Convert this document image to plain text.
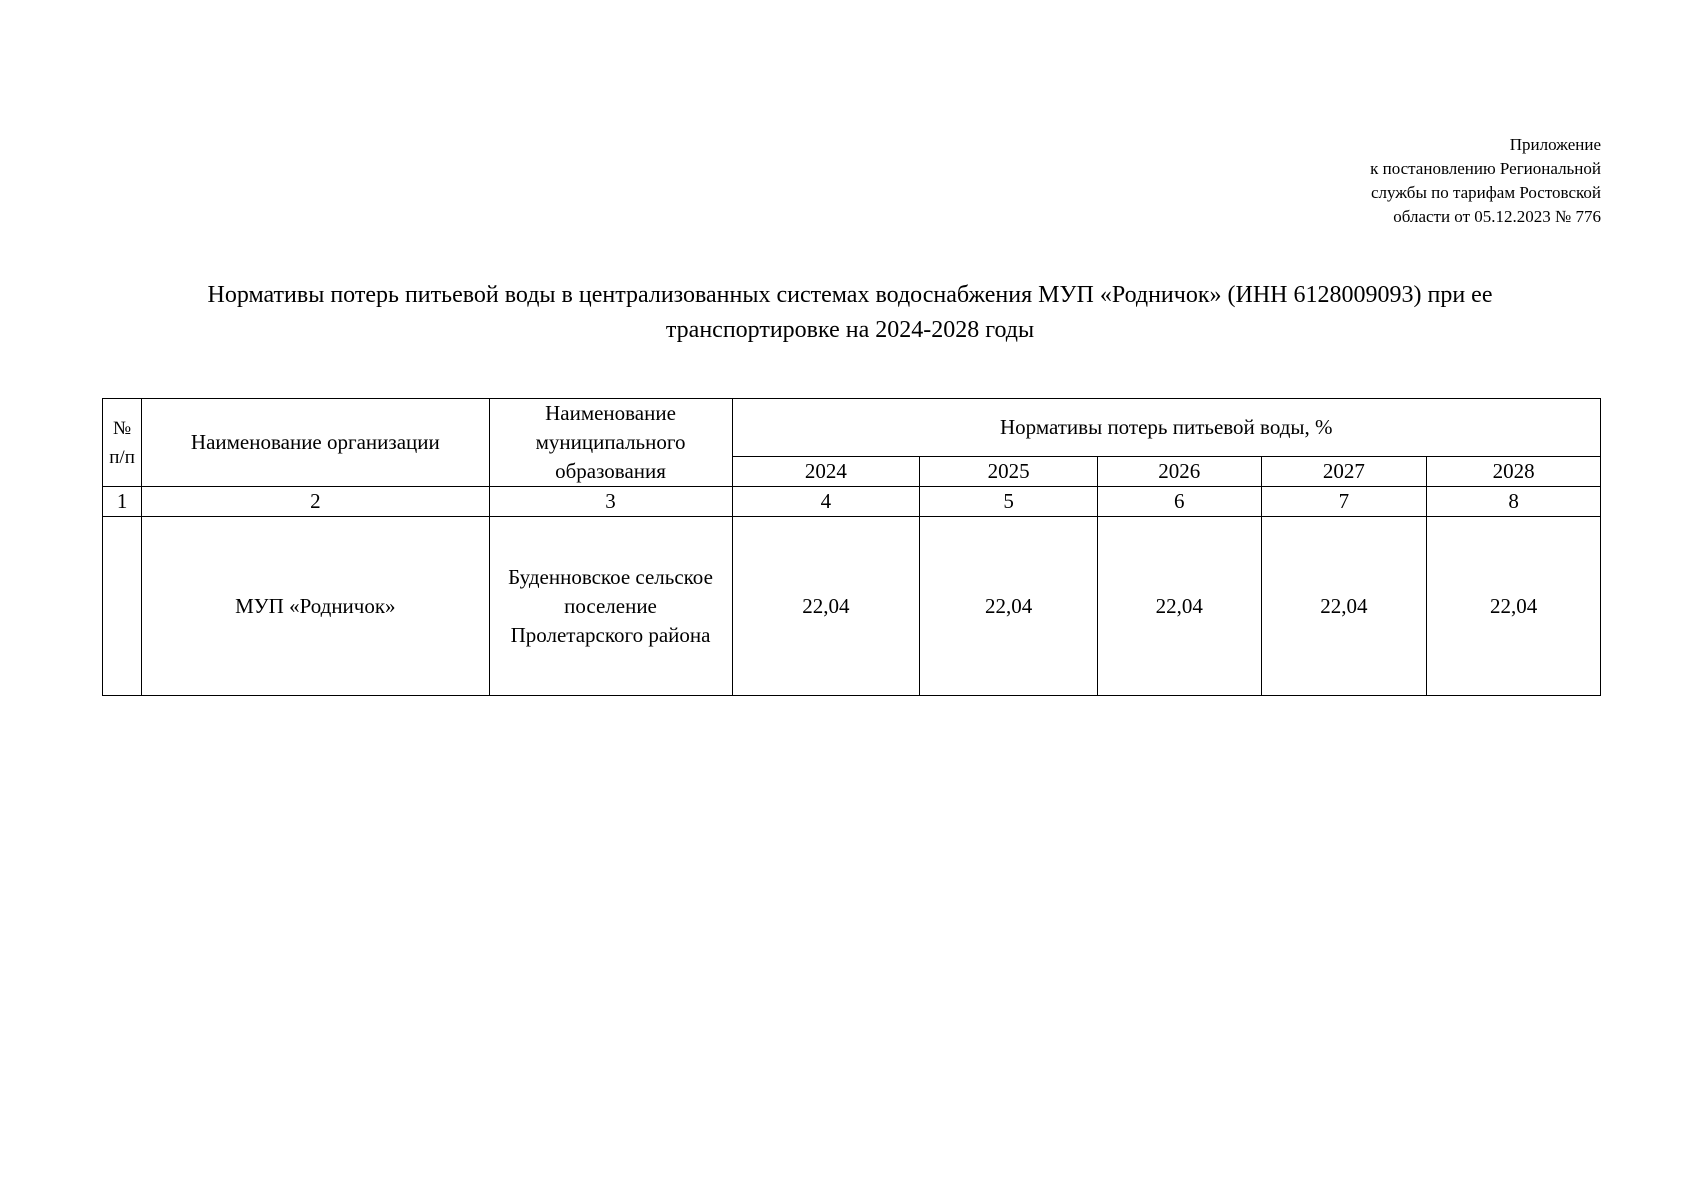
Приложение
к постановлению Региональной
службы по тарифам Ростовской
области от 05.12.2023 № 776
Нормативы потерь питьевой воды в централизованных системах водоснабжения МУП «Родничок» (ИНН 6128009093) при ее
транспортировке на 2024-2028 годы
№
п/п	Наименование организации	Наименование
муниципального
образования	Нормативы потерь питьевой воды, %				
			2024	2025	2026	2027	2028
1	2	3	4	5	6	7	8
	МУП «Родничок»	Буденновское сельское
поселение
Пролетарского района	22,04	22,04	22,04	22,04	22,04
